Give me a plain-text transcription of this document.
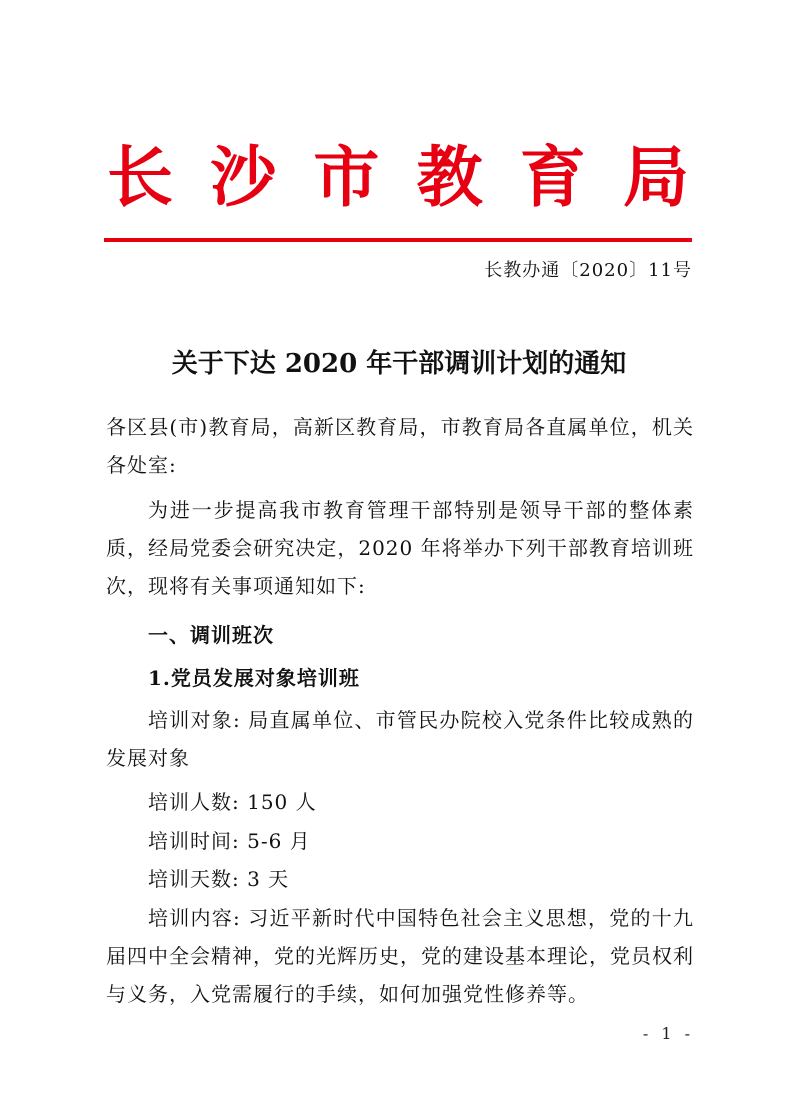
长 沙 市 教 育 局
长教办通〔2020〕11号
关于下达 2020 年干部调训计划的通知
各区县(市)教育局，高新区教育局，市教育局各直属单位，机关各处室:
为进一步提高我市教育管理干部特别是领导干部的整体素质，经局党委会研究决定，2020 年将举办下列干部教育培训班次，现将有关事项通知如下:
一、调训班次
1.党员发展对象培训班
培训对象: 局直属单位、市管民办院校入党条件比较成熟的发展对象
培训人数: 150 人
培训时间: 5-6 月
培训天数: 3 天
培训内容: 习近平新时代中国特色社会主义思想，党的十九届四中全会精神，党的光辉历史，党的建设基本理论，党员权利与义务，入党需履行的手续，如何加强党性修养等。
- 1 -
